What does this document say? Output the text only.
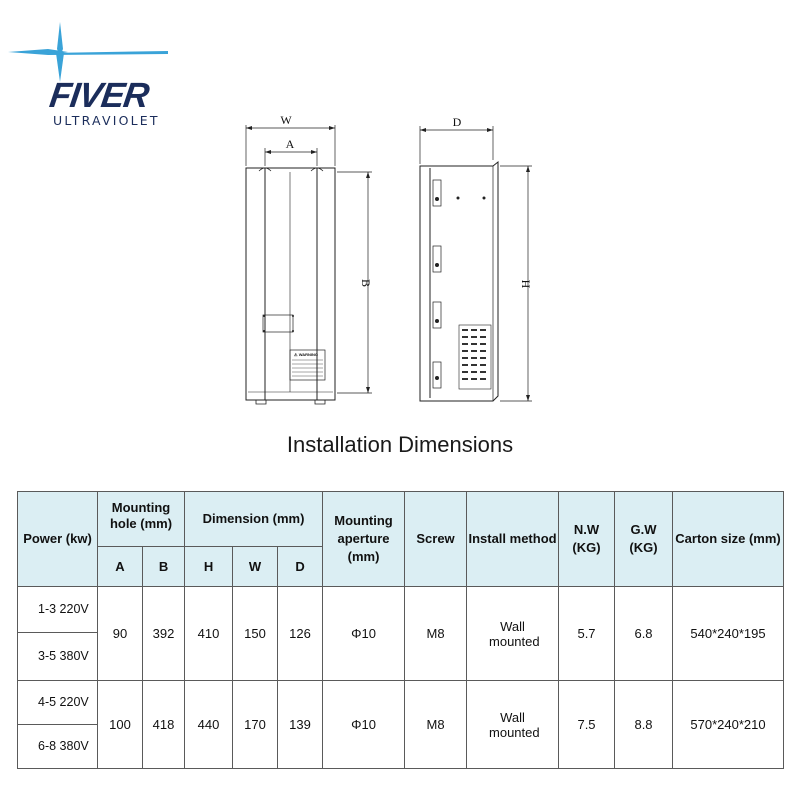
FIVER
ULTRAVIOLET
⚠ WARNING
W
A
B
D
H
Installation Dimensions
Power (kw)	Mounting hole (mm)		Dimension (mm)			Mounting aperture (mm)	Screw	Install method	N.W (KG)	G.W (KG)	Carton size (mm)
	A	B	H	W	D						
1-3 220V	90	392	410	150	126	Φ10	M8	Wall mounted	5.7	6.8	540*240*195
3-5 380V											
4-5 220V	100	418	440	170	139	Φ10	M8	Wall mounted	7.5	8.8	570*240*210
6-8 380V											
